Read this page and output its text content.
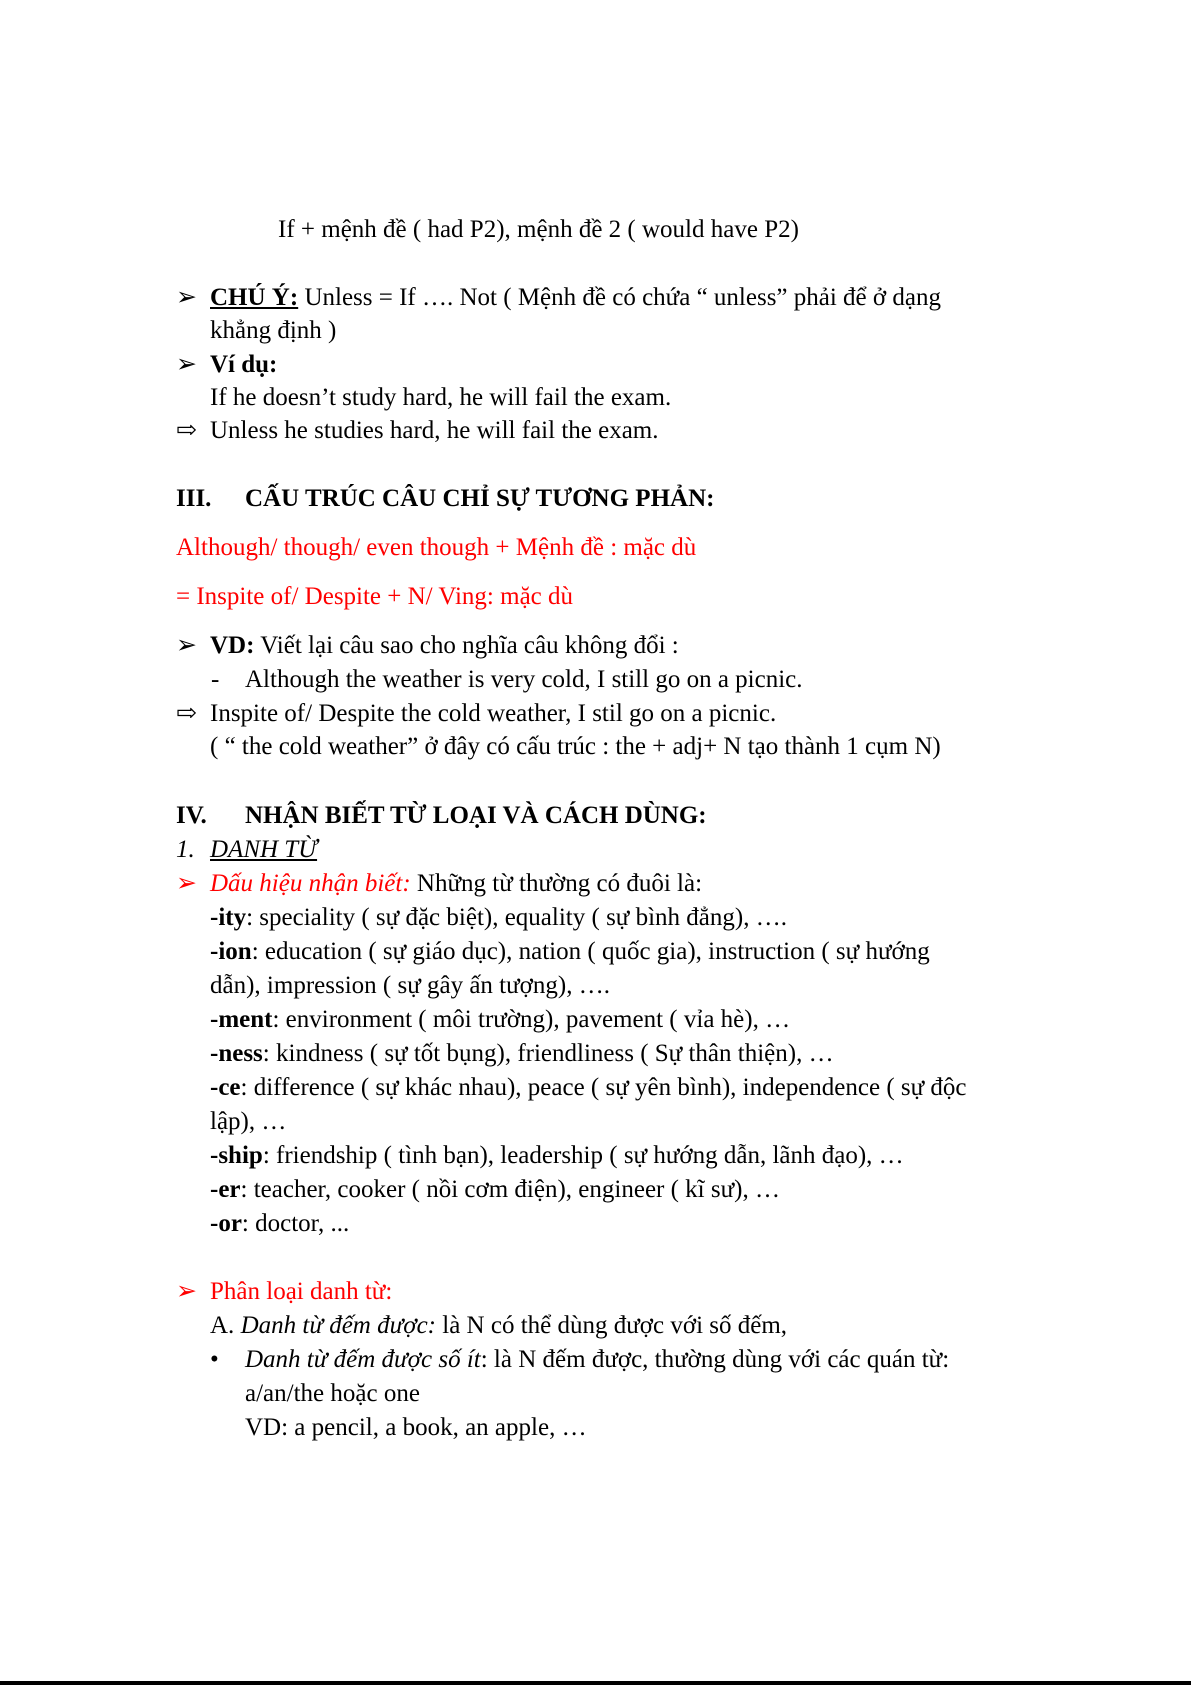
If + mệnh đề ( had P2), mệnh đề 2 ( would have P2)
➢ CHÚ Ý: Unless = If …. Not ( Mệnh đề có chứa “ unless” phải để ở dạng
khẳng định )
➢ Ví dụ:
If he doesn’t study hard, he will fail the exam.
⇨ Unless he studies hard, he will fail the exam.
III. CẤU TRÚC CÂU CHỈ SỰ TƯƠNG PHẢN:
Although/ though/ even though + Mệnh đề : mặc dù
= Inspite of/ Despite + N/ Ving: mặc dù
➢ VD: Viết lại câu sao cho nghĩa câu không đổi :
- Although the weather is very cold, I still go on a picnic.
⇨ Inspite of/ Despite the cold weather, I stil go on a picnic.
( “ the cold weather” ở đây có cấu trúc : the + adj+ N tạo thành 1 cụm N)
IV. NHẬN BIẾT TỪ LOẠI VÀ CÁCH DÙNG:
1. DANH TỪ
➢ Dấu hiệu nhận biết: Những từ thường có đuôi là:
-ity: speciality ( sự đặc biệt), equality ( sự bình đẳng), ….
-ion: education ( sự giáo dục), nation ( quốc gia), instruction ( sự hướng
dẫn), impression ( sự gây ấn tượng), ….
-ment: environment ( môi trường), pavement ( vỉa hè), …
-ness: kindness ( sự tốt bụng), friendliness ( Sự thân thiện), …
-ce: difference ( sự khác nhau), peace ( sự yên bình), independence ( sự độc
lập), …
-ship: friendship ( tình bạn), leadership ( sự hướng dẫn, lãnh đạo), …
-er: teacher, cooker ( nồi cơm điện), engineer ( kĩ sư), …
-or: doctor, ...
➢ Phân loại danh từ:
A. Danh từ đếm được: là N có thể dùng được với số đếm,
• Danh từ đếm được số ít: là N đếm được, thường dùng với các quán từ:
a/an/the hoặc one
VD: a pencil, a book, an apple, …
